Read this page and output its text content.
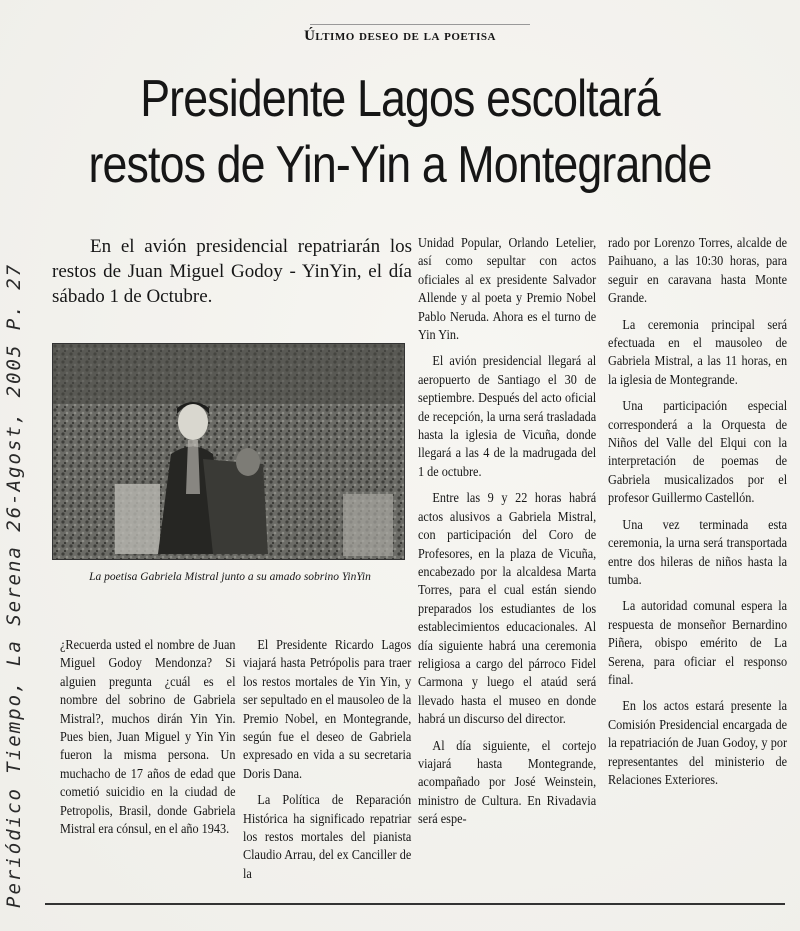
Último deseo de la poetisa
Presidente Lagos escoltará restos de Yin-Yin a Montegrande
En el avión presidencial repatriarán los restos de Juan Miguel Godoy - YinYin, el día sábado 1 de Octubre.
La poetisa Gabriela Mistral junto a su amado sobrino YinYin

¿Recuerda usted el nombre de Juan Miguel Godoy Mendonza? Si alguien pregunta ¿cuál es el nombre del sobrino de Gabriela Mistral?, muchos dirán Yin Yin. Pues bien, Juan Miguel y Yin Yin fueron la misma persona. Un muchacho de 17 años de edad que cometió suicidio en la ciudad de Petropolis, Brasil, donde Gabriela Mistral era cónsul, en el año 1943.

El Presidente Ricardo Lagos viajará hasta Petrópolis para traer los restos mortales de Yin Yin, y ser sepultado en el mausoleo de la Premio Nobel, en Montegrande, según fue el deseo de Gabriela expresado en vida a su secretaria Doris Dana.

La Política de Reparación Histórica ha significado repatriar los restos mortales del pianista Claudio Arrau, del ex Canciller de la

Unidad Popular, Orlando Letelier, así como sepultar con actos oficiales al ex presidente Salvador Allende y al poeta y Premio Nobel Pablo Neruda. Ahora es el turno de Yin Yin.

El avión presidencial llegará al aeropuerto de Santiago el 30 de septiembre. Después del acto oficial de recepción, la urna será trasladada hasta la iglesia de Vicuña, donde llegará a las 4 de la madrugada del 1 de octubre.

Entre las 9 y 22 horas habrá actos alusivos a Gabriela Mistral, con participación del Coro de Profesores, en la plaza de Vicuña, encabezado por la alcaldesa Marta Torres, para el cual están siendo preparados los estudiantes de los establecimientos educacionales. Al día siguiente habrá una ceremonia religiosa a cargo del párroco Fidel Carmona y luego el ataúd será llevado hasta el museo en donde habrá un discurso del director.

Al día siguiente, el cortejo viajará hasta Montegrande, acompañado por José Weinstein, ministro de Cultura. En Rivadavia será espe-

rado por Lorenzo Torres, alcalde de Paihuano, a las 10:30 horas, para seguir en caravana hasta Monte Grande.

La ceremonia principal será efectuada en el mausoleo de Gabriela Mistral, a las 11 horas, en la iglesia de Montegrande.

Una participación especial corresponderá a la Orquesta de Niños del Valle del Elqui con la interpretación de poemas de Gabriela musicalizados por el profesor Guillermo Castellón.

Una vez terminada esta ceremonia, la urna será transportada entre dos hileras de niños hasta la tumba.

La autoridad comunal espera la respuesta de monseñor Bernardino Piñera, obispo emérito de La Serena, para oficiar el responso final.

En los actos estará presente la Comisión Presidencial encargada de la repatriación de Juan Godoy, y por representantes del ministerio de Relaciones Exteriores.

Periódico Tiempo, La Serena 26-Agost, 2005 P. 27
